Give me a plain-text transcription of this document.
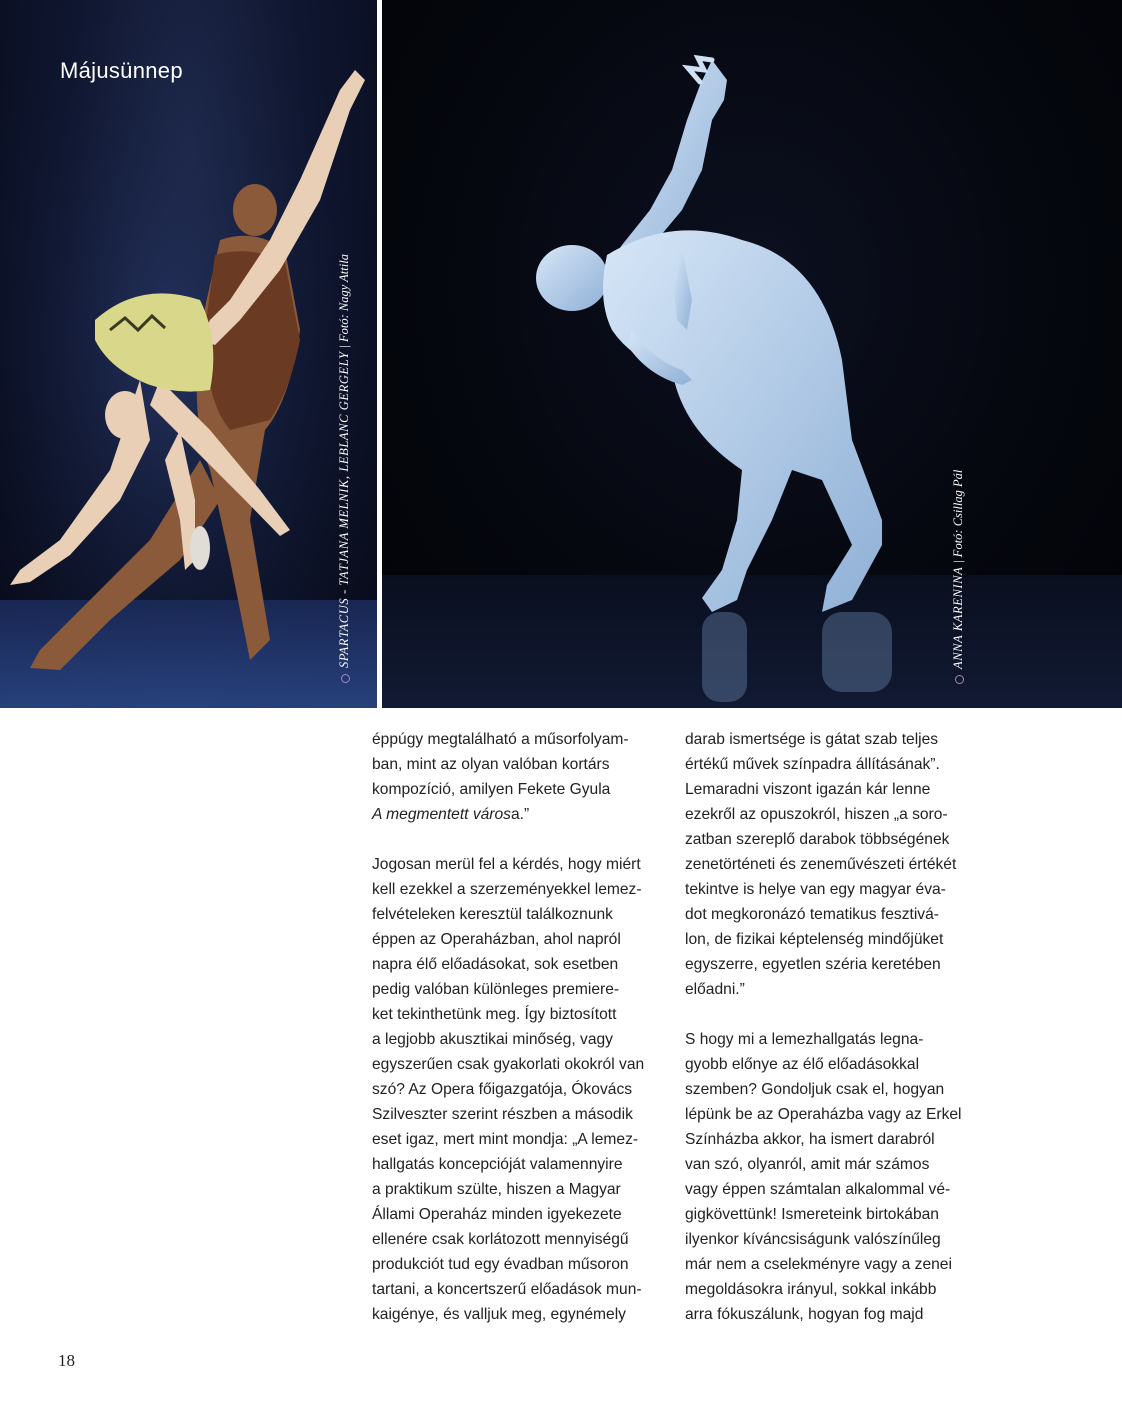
Májusünnep
SPARTACUS - TATJANA MELNIK, LEBLANC GERGELY|Fotó: Nagy Attila
ANNA KARENINA|Fotó: Csillag Pál

éppúgy megtalálható a műsorfolyam-
ban, mint az olyan valóban kortárs
kompozíció, amilyen Fekete Gyula
A megmentett városa.”

Jogosan merül fel a kérdés, hogy miért
kell ezekkel a szerzeményekkel lemez-
felvételeken keresztül találkoznunk
éppen az Operaházban, ahol napról
napra élő előadásokat, sok esetben
pedig valóban különleges premiere-
ket tekinthetünk meg. Így biztosított
a legjobb akusztikai minőség, vagy
egyszerűen csak gyakorlati okokról van
szó? Az Opera főigazgatója, Ókovács
Szilveszter szerint részben a második
eset igaz, mert mint mondja: „A lemez-
hallgatás koncepcióját valamennyire
a praktikum szülte, hiszen a Magyar
Állami Operaház minden igyekezete
ellenére csak korlátozott mennyiségű
produkciót tud egy évadban műsoron
tartani, a koncertszerű előadások mun-
kaigénye, és valljuk meg, egynémely

darab ismertsége is gátat szab teljes
értékű művek színpadra állításának”.
Lemaradni viszont igazán kár lenne
ezekről az opuszokról, hiszen „a soro-
zatban szereplő darabok többségének
zenetörténeti és zeneművészeti értékét
tekintve is helye van egy magyar éva-
dot megkoronázó tematikus fesztivá-
lon, de fizikai képtelenség mindőjüket
egyszerre, egyetlen széria keretében
előadni.”

S hogy mi a lemezhallgatás legna-
gyobb előnye az élő előadásokkal
szemben? Gondoljuk csak el, hogyan
lépünk be az Operaházba vagy az Erkel
Színházba akkor, ha ismert darabról
van szó, olyanról, amit már számos
vagy éppen számtalan alkalommal vé-
gigkövettünk! Ismereteink birtokában
ilyenkor kíváncsiságunk valószínűleg
már nem a cselekményre vagy a zenei
megoldásokra irányul, sokkal inkább
arra fókuszálunk, hogyan fog majd

18
